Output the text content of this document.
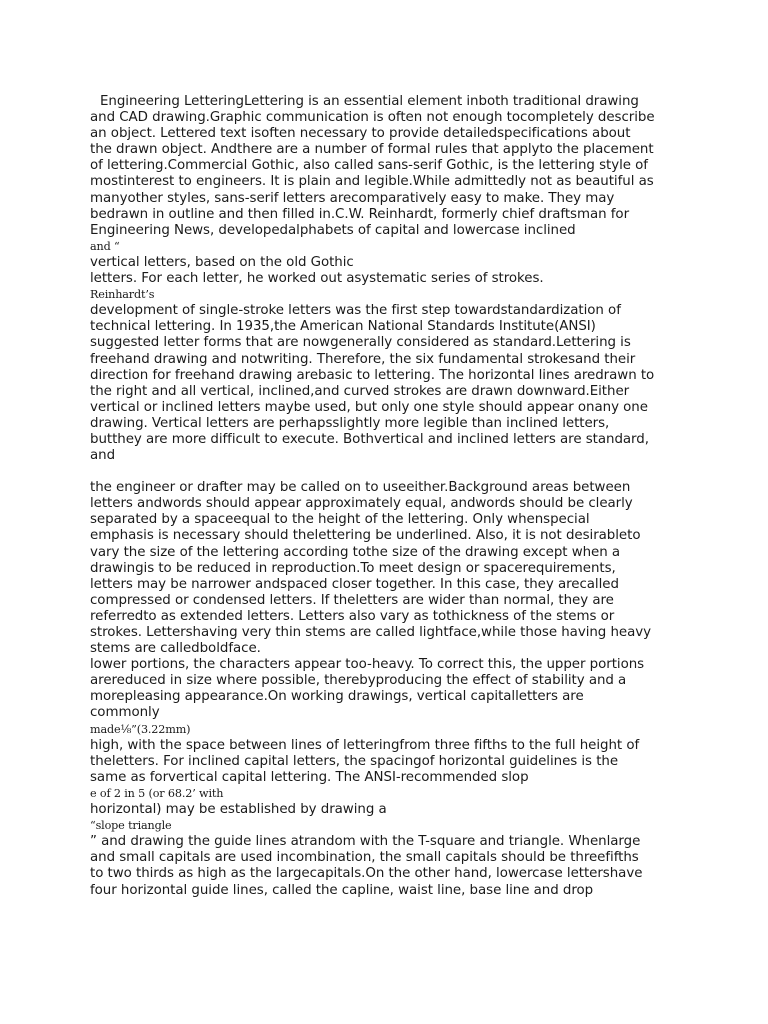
Engineering LetteringLettering is an essential element inboth traditional drawing
and CAD drawing.Graphic communication is often not enough tocompletely describe
an object. Lettered text isoften necessary to provide detailedspecifications about
the drawn object. Andthere are a number of formal rules that applyto the placement
of lettering.Commercial Gothic, also called sans-serif Gothic, is the lettering style of
mostinterest to engineers. It is plain and legible.While admittedly not as beautiful as
manyother styles, sans-serif letters arecomparatively easy to make. They may
bedrawn in outline and then filled in.C.W. Reinhardt, formerly chief draftsman for
Engineering News, developedalphabets of capital and lowercase inclined
and “
vertical letters, based on the old Gothic
letters. For each letter, he worked out asystematic series of strokes.
Reinhardt’s
development of single-stroke letters was the first step towardstandardization of
technical lettering. In 1935,the American National Standards Institute(ANSI)
suggested letter forms that are nowgenerally considered as standard.Lettering is
freehand drawing and notwriting. Therefore, the six fundamental strokesand their
direction for freehand drawing arebasic to lettering. The horizontal lines aredrawn to
the right and all vertical, inclined,and curved strokes are drawn downward.Either
vertical or inclined letters maybe used, but only one style should appear onany one
drawing. Vertical letters are perhapsslightly more legible than inclined letters,
butthey are more difficult to execute. Bothvertical and inclined letters are standard,
and
the engineer or drafter may be called on to useeither.Background areas between
letters andwords should appear approximately equal, andwords should be clearly
separated by a spaceequal to the height of the lettering. Only whenspecial
emphasis is necessary should thelettering be underlined. Also, it is not desirableto
vary the size of the lettering according tothe size of the drawing except when a
drawingis to be reduced in reproduction.To meet design or spacerequirements,
letters may be narrower andspaced closer together. In this case, they arecalled
compressed or condensed letters. If theletters are wider than normal, they are
referredto as extended letters. Letters also vary as tothickness of the stems or
strokes. Lettershaving very thin stems are called lightface,while those having heavy
stems are calledboldface.
lower portions, the characters appear too-heavy. To correct this, the upper portions
arereduced in size where possible, therebyproducing the effect of stability and a
morepleasing appearance.On working drawings, vertical capitalletters are
commonly
made⅛”(3.22mm)
high, with the space between lines of letteringfrom three fifths to the full height of
theletters. For inclined capital letters, the spacingof horizontal guidelines is the
same as forvertical capital lettering. The ANSI-recommended slop
e of 2 in 5 (or 68.2’ with
horizontal) may be established by drawing a
“slope triangle
” and drawing the guide lines atrandom with the T-square and triangle. Whenlarge
and small capitals are used incombination, the small capitals should be threefifths
to two thirds as high as the largecapitals.On the other hand, lowercase lettershave
four horizontal guide lines, called the capline, waist line, base line and drop
